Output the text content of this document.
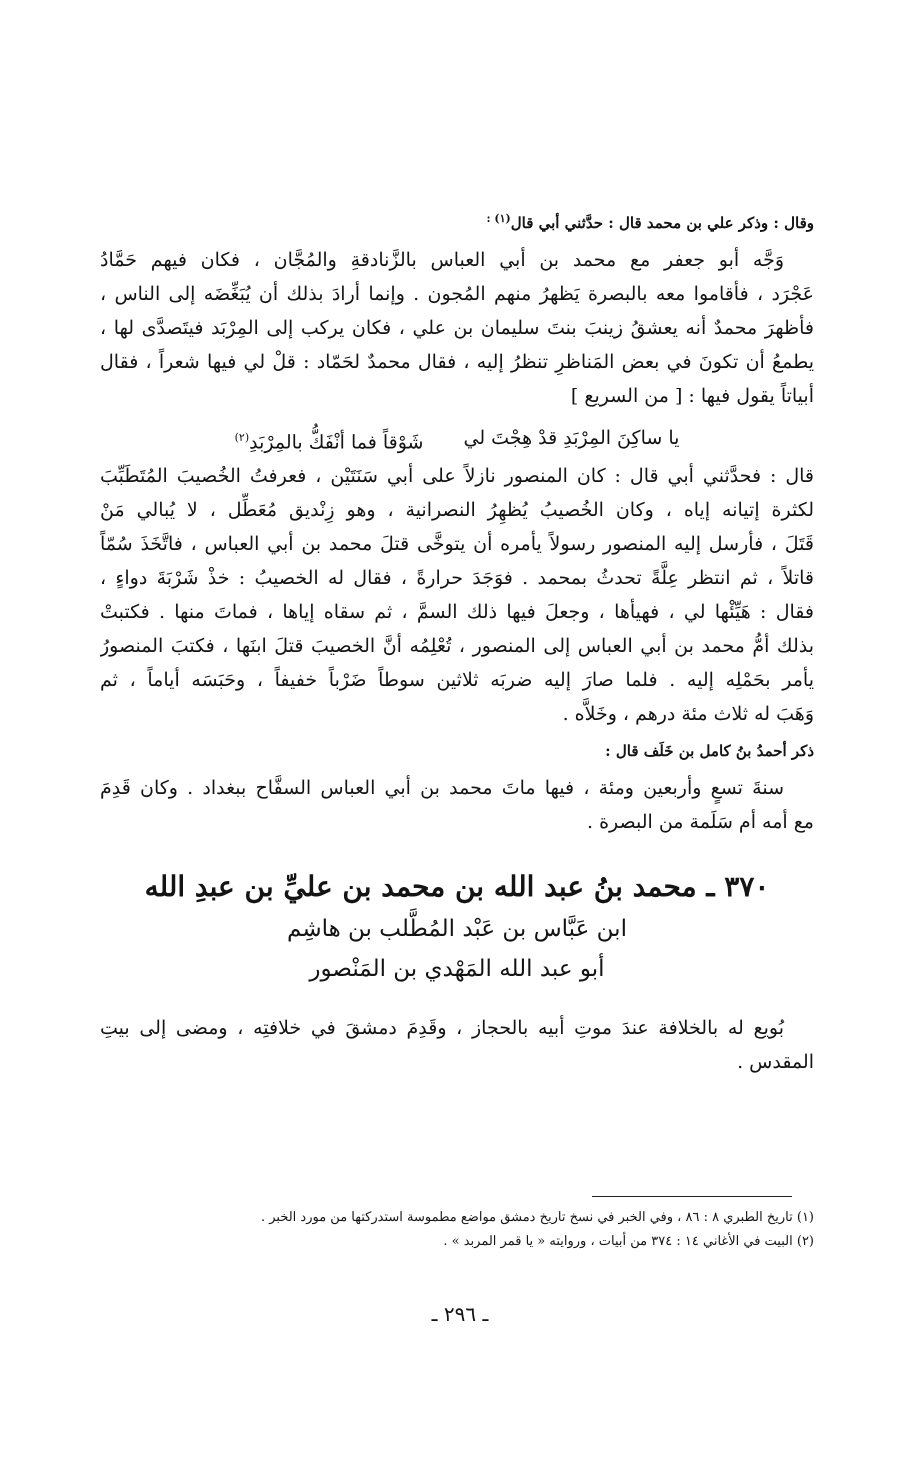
وقال : وذكر علي بن محمد قال : حدَّثني أبي قال$^{(١) :}$
وَجَّه أبو جعفر مع محمد بن أبي العباس بالزَّنادقةِ والمُجَّان ، فكان فيهم حَمَّادُ
عَجْرَد ، فأقاموا معه بالبصرة يَظهرُ منهم المُجون . وإنما أرادَ بذلك أن يُبَغِّضَه إلى الناس ،
فأظهرَ محمدٌ أنه يعشقُ زينبَ بنتَ سليمان بن علي ، فكان يركب إلى المِرْبَد فيتَصدَّى لها ،
يطمعُ أن تكونَ في بعض المَناظرِ تنظرُ إليه ، فقال محمدٌ لحَمّاد : قلْ لي فيها شعراً ، فقال
أبياتاً يقول فيها : [ من السريع ]
يا ساكِنَ المِرْبَدِ قدْ هِجْتَ لي
شَوْقاً فما أنْفَكُّ بالمِرْبَدِ$^{(٢)}$
قال : فحدَّثني أبي قال : كان المنصور نازلاً على أبي سَنَتَيْن ، فعرفتُ الخُصيبَ المُتَطَبِّبَ
لكثرة إتيانه إياه ، وكان الخُصيبُ يُظهِرُ النصرانية ، وهو زِنْديق مُعَطِّل ، لا يُبالي مَنْ
قَتَلَ ، فأرسل إليه المنصور رسولاً يأمره أن يتوخَّى قتلَ محمد بن أبي العباس ، فاتَّخَذَ سُمّاً
قاتلاً ، ثم انتظر عِلَّةً تحدثُ بمحمد . فوَجَدَ حرارةً ، فقال له الخصيبُ : خذْ شَرْبَةَ دواءٍ ،
فقال : هَيِّئْها لي ، فهيأها ، وجعلَ فيها ذلك السمَّ ، ثم سقاه إياها ، فماتَ منها . فكتبتْ
بذلك أمُّ محمد بن أبي العباس إلى المنصور ، تُعْلِمُه أنَّ الخصيبَ قتلَ ابنَها ، فكتبَ المنصورُ
يأمر بحَمْلِه إليه . فلما صارَ إليه ضربَه ثلاثين سوطاً ضَرْباً خفيفاً ، وحَبَسَه أياماً ، ثم
وَهَبَ له ثلاث مئة درهم ، وخَلاَّه .
ذكر أحمدُ بنُ كامل بن خَلَف قال :
سنةَ تسعٍ وأربعين ومئة ، فيها ماتَ محمد بن أبي العباس السفَّاح ببغداد . وكان قَدِمَ
مع أمه أم سَلَمة من البصرة .
٣٧٠ ـ محمد بنُ عبد الله بن محمد بن عليِّ بن عبدِ الله
ابن عَبَّاس بن عَبْد المُطَّلب بن هاشِم
أبو عبد الله المَهْدي بن المَنْصور
بُويع له بالخلافة عندَ موتِ أبيه بالحجاز ، وقَدِمَ دمشقَ في خلافتِه ، ومضى إلى بيتِ
المقدس .
(١) تاريخ الطبري ٨ : ٨٦ ، وفي الخبر في نسخ تاريخ دمشق مواضع مطموسة استدركتها من مورد الخبر .
(٢) البيت في الأغاني ١٤ : ٣٧٤ من أبيات ، وروايته « يا قمر المربد » .
ـ ٢٩٦ ـ
